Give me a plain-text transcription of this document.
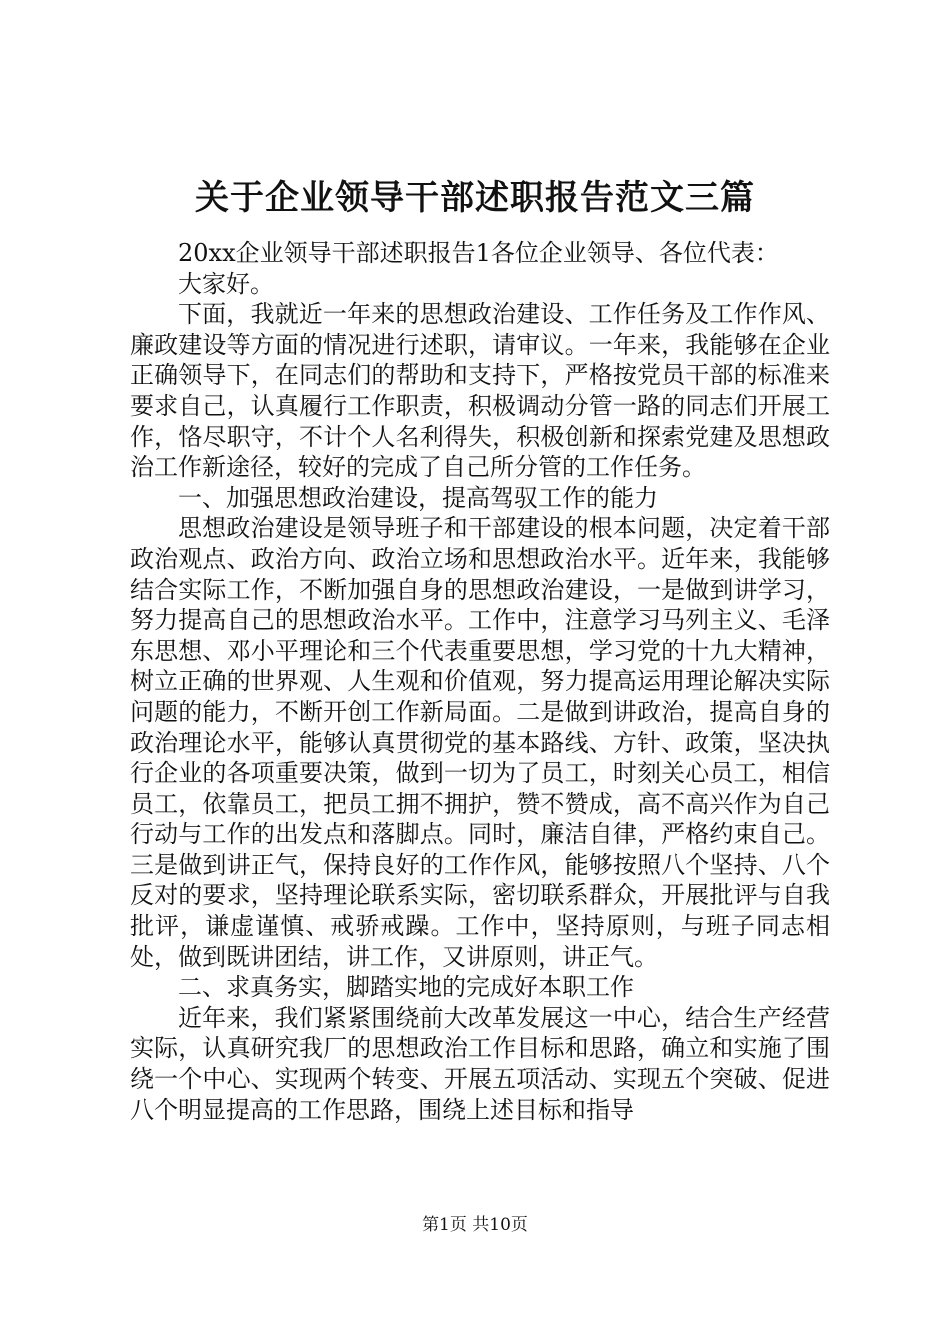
关于企业领导干部述职报告范文三篇

20xx企业领导干部述职报告1各位企业领导、各位代表：

大家好。

下面，我就近一年来的思想政治建设、工作任务及工作作风、廉政建设等方面的情况进行述职，请审议。一年来，我能够在企业正确领导下，在同志们的帮助和支持下，严格按党员干部的标准来要求自己，认真履行工作职责，积极调动分管一路的同志们开展工作，恪尽职守，不计个人名利得失，积极创新和探索党建及思想政治工作新途径，较好的完成了自己所分管的工作任务。

一、加强思想政治建设，提高驾驭工作的能力

思想政治建设是领导班子和干部建设的根本问题，决定着干部政治观点、政治方向、政治立场和思想政治水平。近年来，我能够结合实际工作，不断加强自身的思想政治建设，一是做到讲学习，努力提高自己的思想政治水平。工作中，注意学习马列主义、毛泽东思想、邓小平理论和三个代表重要思想，学习党的十九大精神，树立正确的世界观、人生观和价值观，努力提高运用理论解决实际问题的能力，不断开创工作新局面。二是做到讲政治，提高自身的政治理论水平，能够认真贯彻党的基本路线、方针、政策，坚决执行企业的各项重要决策，做到一切为了员工，时刻关心员工，相信员工，依靠员工，把员工拥不拥护，赞不赞成，高不高兴作为自己行动与工作的出发点和落脚点。同时，廉洁自律，严格约束自己。三是做到讲正气，保持良好的工作作风，能够按照八个坚持、八个反对的要求，坚持理论联系实际，密切联系群众，开展批评与自我批评，谦虚谨慎、戒骄戒躁。工作中，坚持原则，与班子同志相处，做到既讲团结，讲工作，又讲原则，讲正气。

二、求真务实，脚踏实地的完成好本职工作

近年来，我们紧紧围绕前大改革发展这一中心，结合生产经营实际，认真研究我厂的思想政治工作目标和思路，确立和实施了围绕一个中心、实现两个转变、开展五项活动、实现五个突破、促进八个明显提高的工作思路，围绕上述目标和指导

第1页 共10页
